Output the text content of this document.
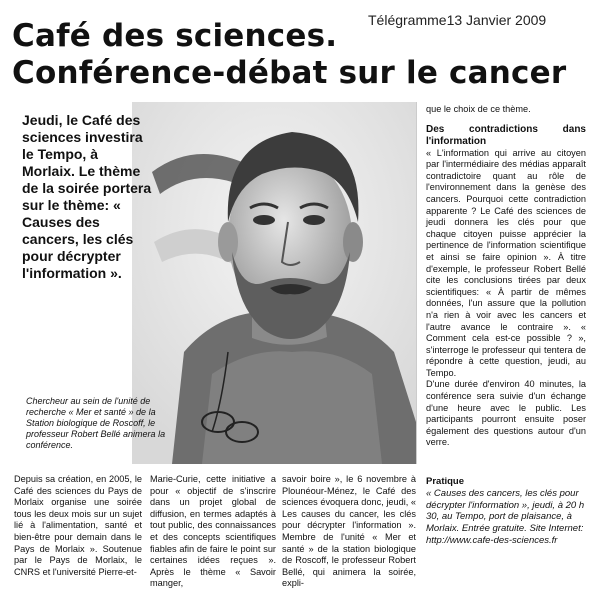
Télégramme13 Janvier 2009
Café des sciences.
Conférence-débat sur le cancer
Jeudi, le Café des sciences investira le Tempo, à Morlaix. Le thème de la soirée portera sur le thème: « Causes des cancers, les clés pour décrypter l'information ».
Chercheur au sein de l'unité de recherche « Mer et santé » de la Station biologique de Roscoff, le professeur Robert Bellé animera la conférence.

que le choix de ce thème.

Des contradictions dans l'information

« L'information qui arrive au citoyen par l'intermédiaire des médias apparaît contradictoire quant au rôle de l'environnement dans la genèse des cancers. Pourquoi cette contradiction apparente ? Le Café des sciences de jeudi donnera les clés pour que chaque citoyen puisse apprécier la pertinence de l'information scientifique et ainsi se faire opinion ». À titre d'exemple, le professeur Robert Bellé cite les conclusions tirées par deux scientifiques: « À partir de mêmes données, l'un assure que la pollution n'a rien à voir avec les cancers et l'autre avance le contraire ». « Comment cela est-ce possible ? », s'interroge le professeur qui tentera de répondre à cette question, jeudi, au Tempo.

D'une durée d'environ 40 minutes, la conférence sera suivie d'un échange d'une heure avec le public. Les participants pourront ensuite poser également des questions autour d'un verre.

Pratique
« Causes des cancers, les clés pour décrypter l'information », jeudi, à 20 h 30, au Tempo, port de plaisance, à Morlaix. Entrée gratuite. Site Internet: http://www.cafe-des-sciences.fr
Depuis sa création, en 2005, le Café des sciences du Pays de Morlaix organise une soirée tous les deux mois sur un sujet lié à l'alimentation, santé et bien-être pour demain dans le Pays de Morlaix ». Soutenue par le Pays de Morlaix, le CNRS et l'université Pierre-et-
Marie-Curie, cette initiative a pour « objectif de s'inscrire dans un projet global de diffusion, en termes adaptés à tout public, des connaissances et des concepts scientifiques fiables afin de faire le point sur certaines idées reçues ». Après le thème « Savoir manger,
savoir boire », le 6 novembre à Plounéour-Ménez, le Café des sciences évoquera donc, jeudi, « Les causes du cancer, les clés pour décrypter l'information ». Membre de l'unité « Mer et santé » de la station biologique de Roscoff, le professeur Robert Bellé, qui animera la soirée, expli-
